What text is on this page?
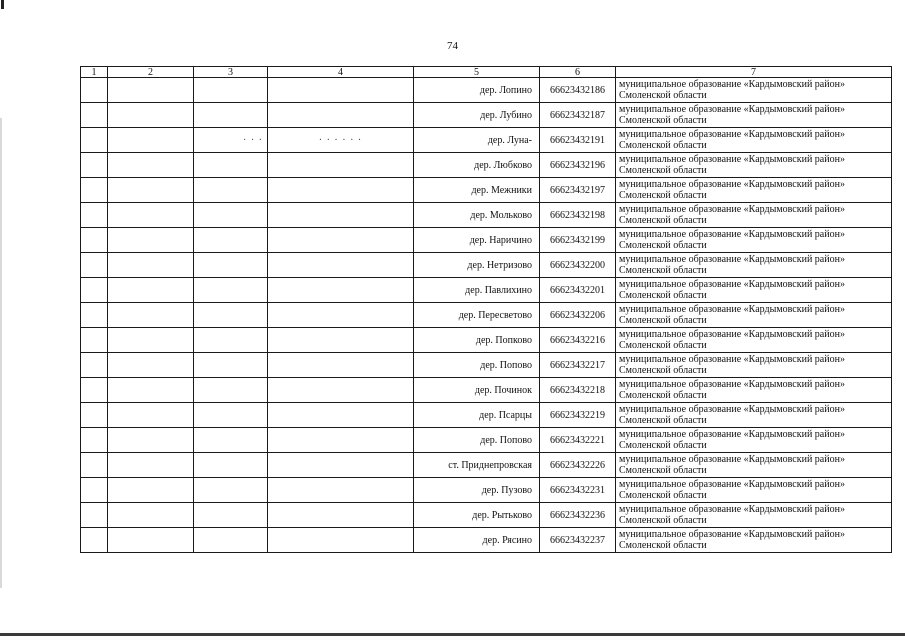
74
1	2	3	4	5	6	7
				дер. Лопино	66623432186	муниципальное образование «Кардымовский район» Смоленской области
				дер. Лубино	66623432187	муниципальное образование «Кардымовский район» Смоленской области
		· · ·	· · · · · ·	дер. Луна-	66623432191	муниципальное образование «Кардымовский район» Смоленской области
				дер. Любково	66623432196	муниципальное образование «Кардымовский район» Смоленской области
				дер. Межники	66623432197	муниципальное образование «Кардымовский район» Смоленской области
				дер. Мольково	66623432198	муниципальное образование «Кардымовский район» Смоленской области
				дер. Наричино	66623432199	муниципальное образование «Кардымовский район» Смоленской области
				дер. Нетризово	66623432200	муниципальное образование «Кардымовский район» Смоленской области
				дер. Павлихино	66623432201	муниципальное образование «Кардымовский район» Смоленской области
				дер. Пересветово	66623432206	муниципальное образование «Кардымовский район» Смоленской области
				дер. Попково	66623432216	муниципальное образование «Кардымовский район» Смоленской области
				дер. Попово	66623432217	муниципальное образование «Кардымовский район» Смоленской области
				дер. Починок	66623432218	муниципальное образование «Кардымовский район» Смоленской области
				дер. Псарцы	66623432219	муниципальное образование «Кардымовский район» Смоленской области
				дер. Попово	66623432221	муниципальное образование «Кардымовский район» Смоленской области
				ст. Приднепровская	66623432226	муниципальное образование «Кардымовский район» Смоленской области
				дер. Пузово	66623432231	муниципальное образование «Кардымовский район» Смоленской области
				дер. Рытьково	66623432236	муниципальное образование «Кардымовский район» Смоленской области
				дер. Рясино	66623432237	муниципальное образование «Кардымовский район» Смоленской области
